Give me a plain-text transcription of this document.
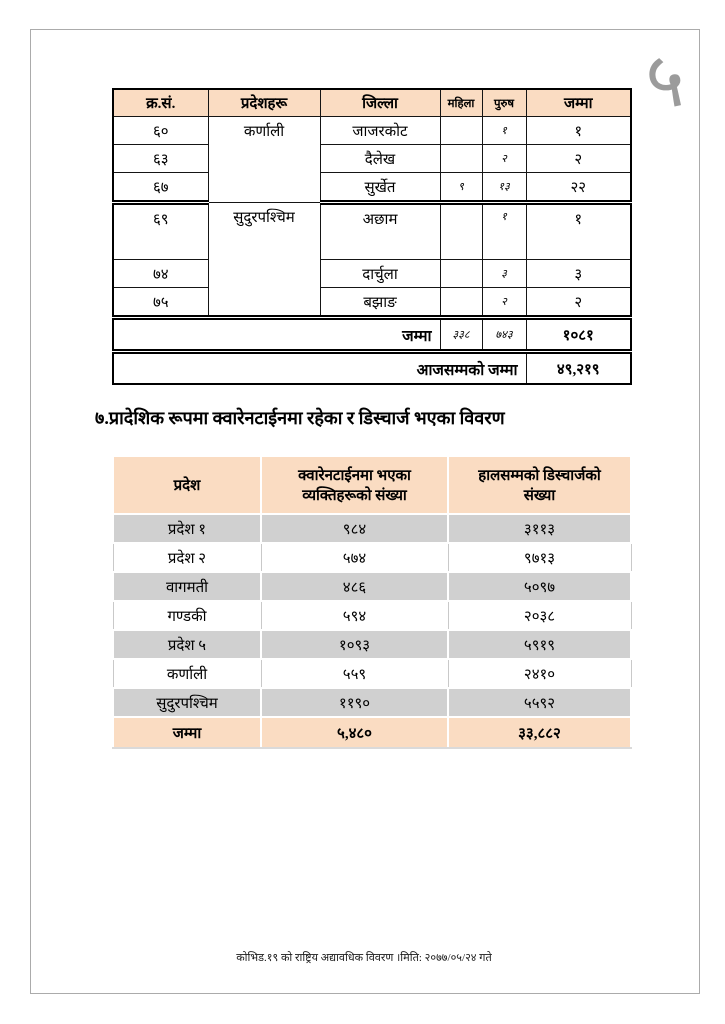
५
क्र.सं.	प्रदेशहरू	जिल्ला	महिला	पुरुष	जम्मा
६०	कर्णाली	जाजरकोट		१	१
६३		दैलेख		२	२
६७		सुर्खेत	९	१३	२२
६९	सुदुरपश्चिम	अछाम		१	१
७४		दार्चुला		३	३
७५		बझाङ		२	२
जम्मा			३३८	७४३	१०८१
आजसम्मको जम्मा					४९,२१९
७.प्रादेशिक रूपमा क्वारेनटाईनमा रहेका र डिस्चार्ज भएका विवरण
प्रदेश	क्वारेनटाईनमा भएका व्यक्तिहरूको संख्या	हालसम्मको डिस्चार्जको संख्या
प्रदेश १	९८४	३११३
प्रदेश २	५७४	९७१३
वागमती	४८६	५०९७
गण्डकी	५९४	२०३८
प्रदेश ५	१०९३	५९१९
कर्णाली	५५९	२४१०
सुदुरपश्चिम	११९०	५५९२
जम्मा	५,४८०	३३,८८२
कोभिड.१९ को राष्ट्रिय अद्यावधिक विवरण ।मिति: २०७७/०५/२४ गते
